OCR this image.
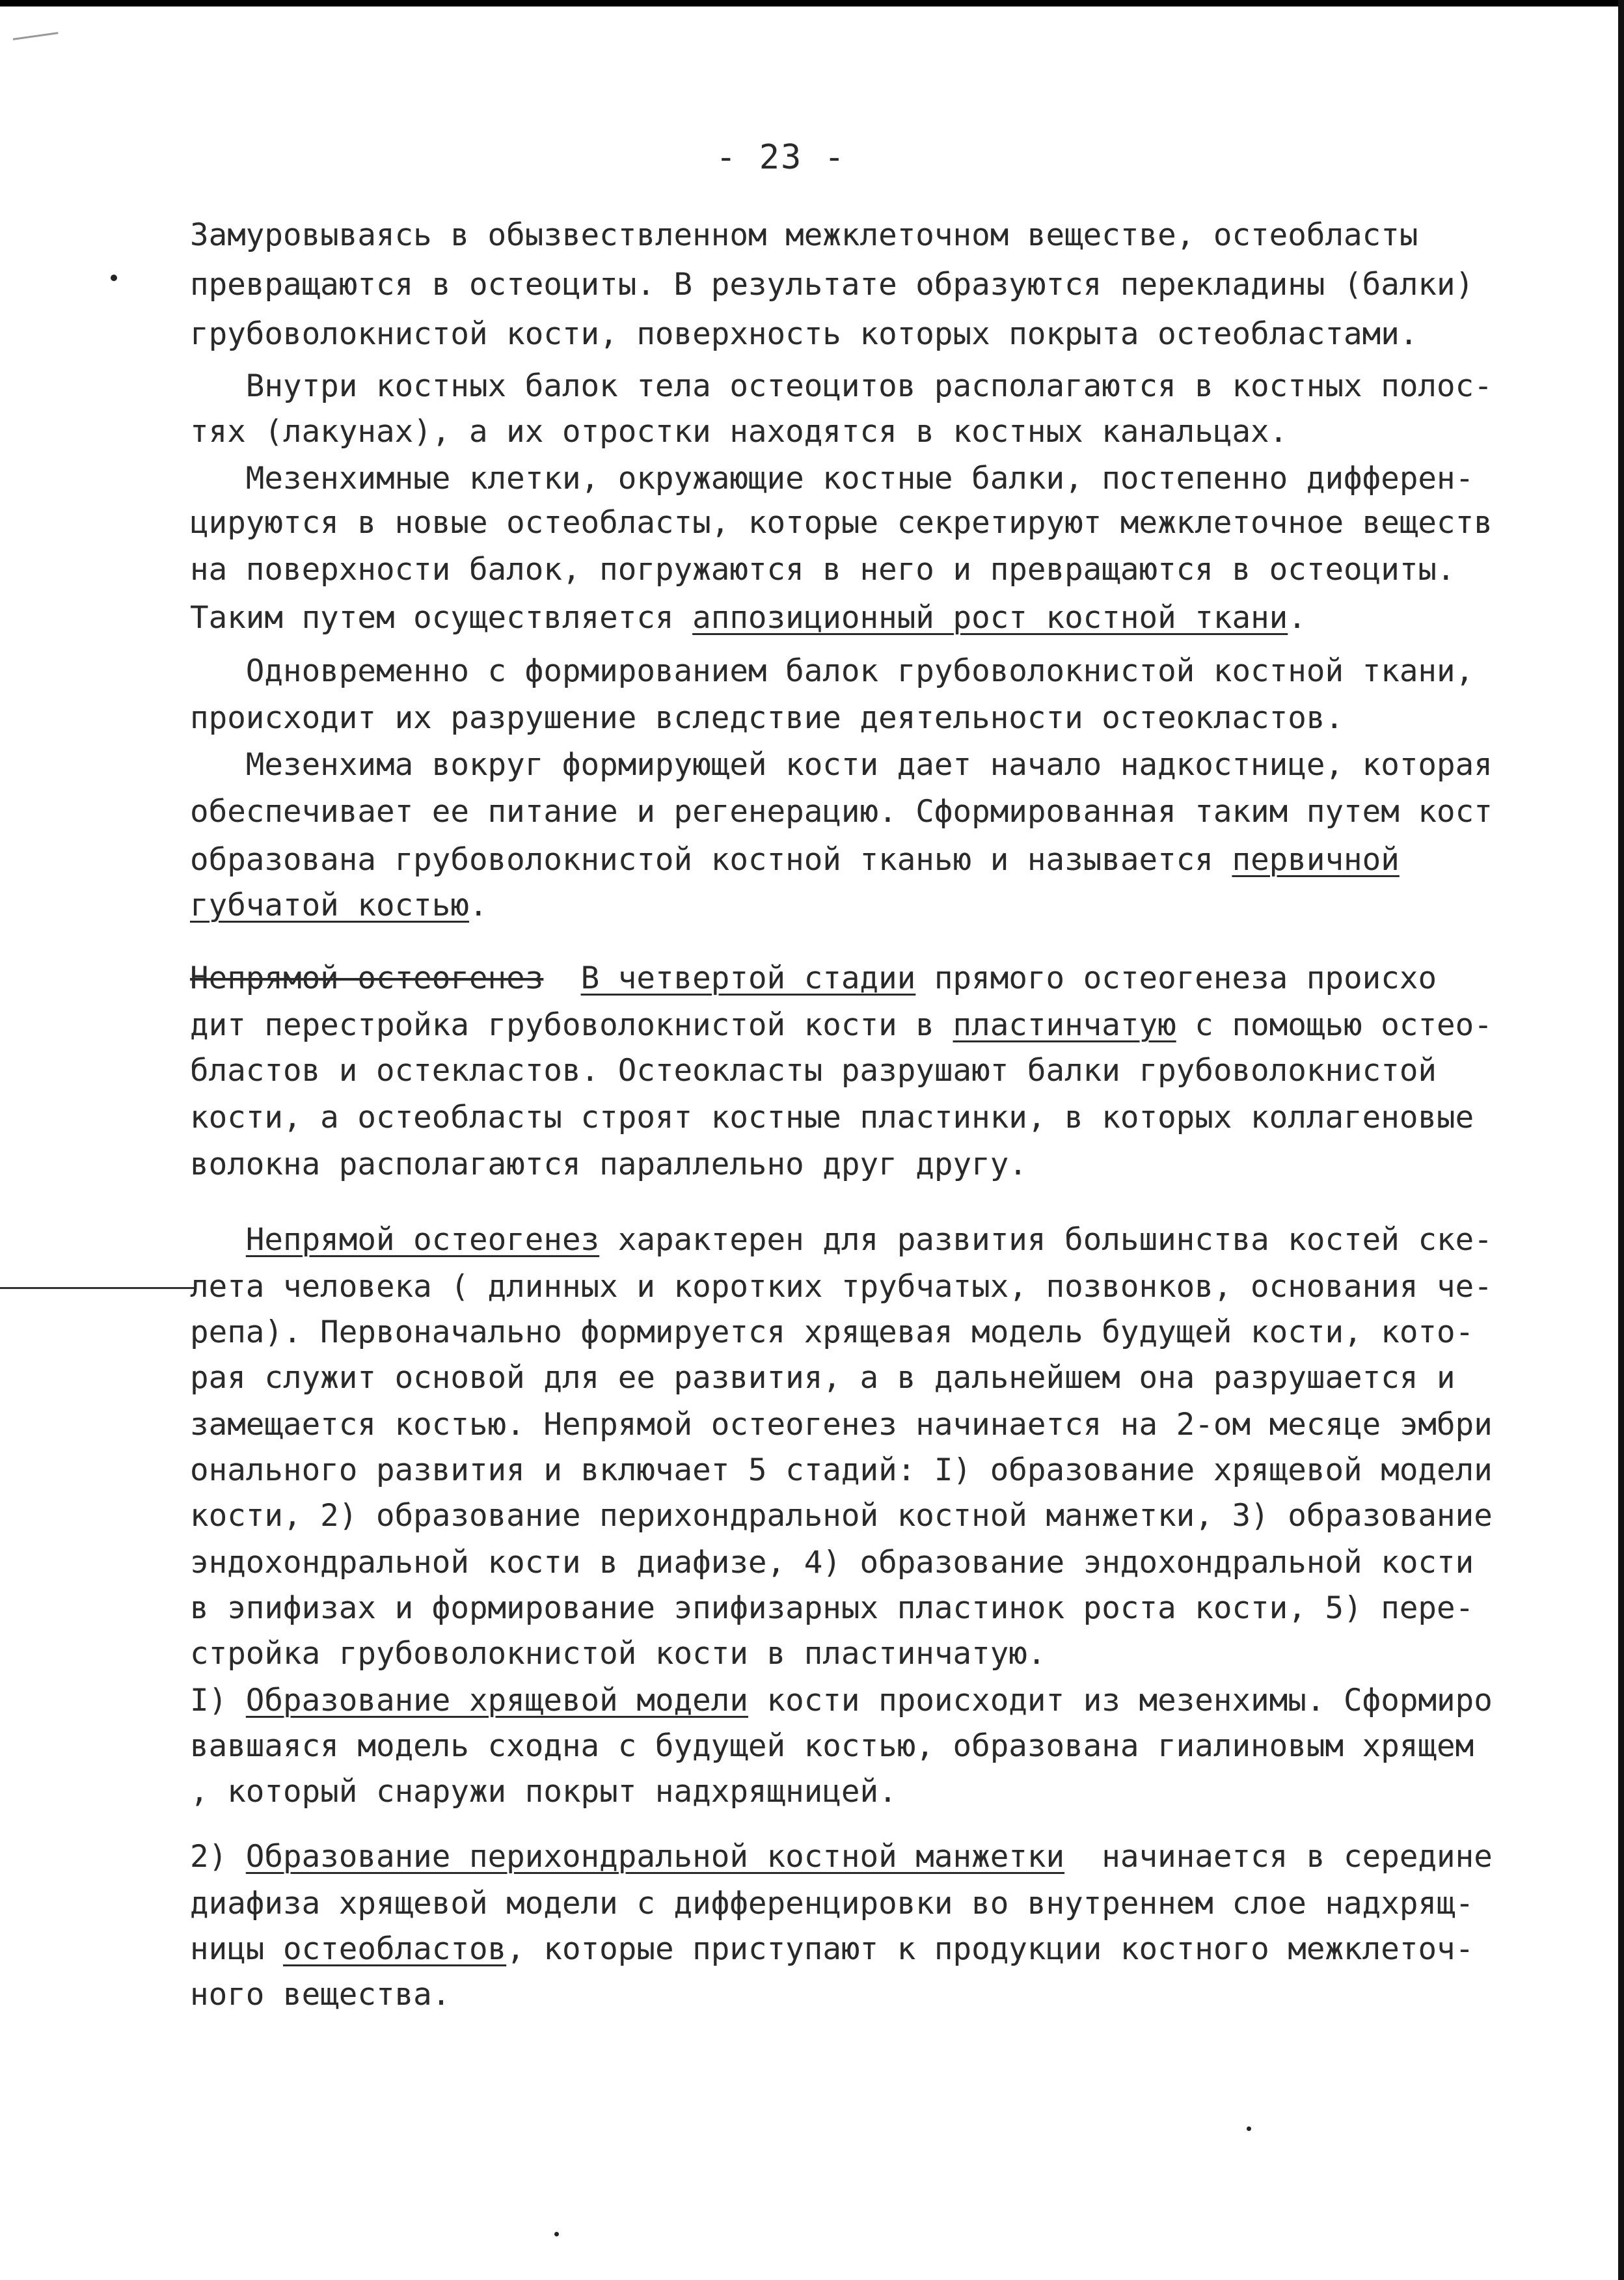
- 23 -
Замуровываясь в обызвествленном межклеточном веществе, остеобласты
превращаются в остеоциты. В результате образуются перекладины (балки)
грубоволокнистой кости, поверхность которых покрыта остеобластами.
Внутри костных балок тела остеоцитов располагаются в костных полос-
тях (лакунах), а их отростки находятся в костных канальцах.
Мезенхимные клетки, окружающие костные балки, постепенно дифферен-
цируются в новые остеобласты, которые секретируют межклеточное веществ
на поверхности балок, погружаются в него и превращаются в остеоциты.
Таким путем осуществляется аппозиционный рост костной ткани.
Одновременно с формированием балок грубоволокнистой костной ткани,
происходит их разрушение вследствие деятельности остеокластов.
Мезенхима вокруг формирующей кости дает начало надкостнице, которая
обеспечивает ее питание и регенерацию. Сформированная таким путем кост
образована грубоволокнистой костной тканью и называется первичной
губчатой костью.
Непрямой остеогенез В четвертой стадии прямого остеогенеза происхо
дит перестройка грубоволокнистой кости в пластинчатую с помощью остео-
бластов и остекластов. Остеокласты разрушают балки грубоволокнистой
кости, а остеобласты строят костные пластинки, в которых коллагеновые
волокна располагаются параллельно друг другу.
Непрямой остеогенез характерен для развития большинства костей ске-
лета человека ( длинных и коротких трубчатых, позвонков, основания че-
репа). Первоначально формируется хрящевая модель будущей кости, кото-
рая служит основой для ее развития, а в дальнейшем она разрушается и
замещается костью. Непрямой остеогенез начинается на 2-ом месяце эмбри
онального развития и включает 5 стадий: I) образование хрящевой модели
кости, 2) образование перихондральной костной манжетки, 3) образование
эндохондральной кости в диафизе, 4) образование эндохондральной кости
в эпифизах и формирование эпифизарных пластинок роста кости, 5) пере-
стройка грубоволокнистой кости в пластинчатую.
I) Образование хрящевой модели кости происходит из мезенхимы. Сформиро
вавшаяся модель сходна с будущей костью, образована гиалиновым хрящем
, который снаружи покрыт надхрящницей.
2) Образование перихондральной костной манжетки  начинается в середине
диафиза хрящевой модели с дифференцировки во внутреннем слое надхрящ-
ницы остеобластов, которые приступают к продукции костного межклеточ-
ного вещества.
